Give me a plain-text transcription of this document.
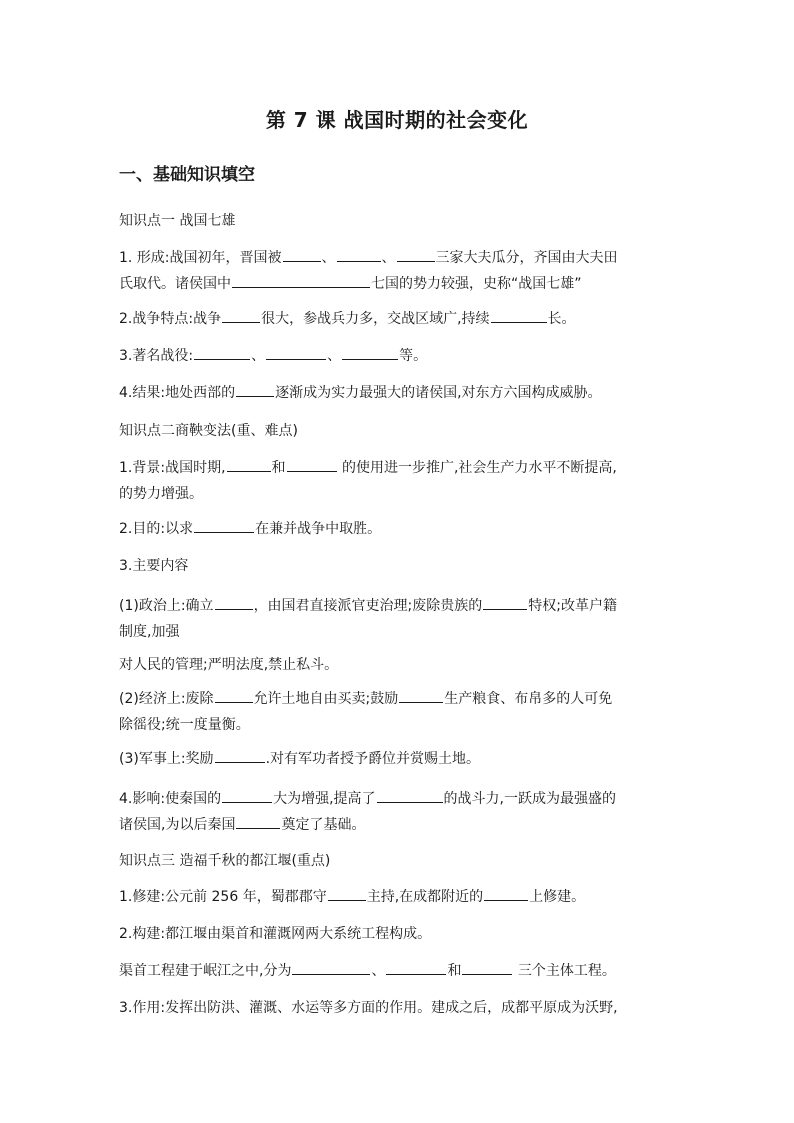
第 7 课 战国时期的社会变化
一、基础知识填空
知识点一 战国七雄
1. 形成:战国初年，晋国被	、	、	三家大夫瓜分，齐国由大夫田
氏取代。诸侯国中	七国的势力较强，史称“战国七雄”
2.战争特点:战争	很大，参战兵力多，交战区域广,持续	长。
3.著名战役:	、	、	等。
4.结果:地处西部的	逐渐成为实力最强大的诸侯国,对东方六国构成威胁。
知识点二商鞅变法(重、难点)
1.背景:战国时期,	和	的使用进一步推广,社会生产力水平不断提高,
的势力增强。
2.目的:以求	在兼并战争中取胜。
3.主要内容
(1)政治上:确立	，由国君直接派官吏治理;废除贵族的	特权;改革户籍
制度,加强
对人民的管理;严明法度,禁止私斗。
(2)经济上:废除	允许土地自由买卖;鼓励	生产粮食、布帛多的人可免
除徭役;统一度量衡。
(3)军事上:奖励	.对有军功者授予爵位并赏赐土地。
4.影响:使秦国的	大为增强,提高了	的战斗力,一跃成为最强盛的
诸侯国,为以后秦国	奠定了基础。
知识点三 造福千秋的都江堰(重点)
1.修建:公元前 256 年，蜀郡郡守	主持,在成都附近的	上修建。
2.构建:都江堰由渠首和灌溉网两大系统工程构成。
渠首工程建于岷江之中,分为	、	和	三个主体工程。
3.作用:发挥出防洪、灌溉、水运等多方面的作用。建成之后，成都平原成为沃野,
